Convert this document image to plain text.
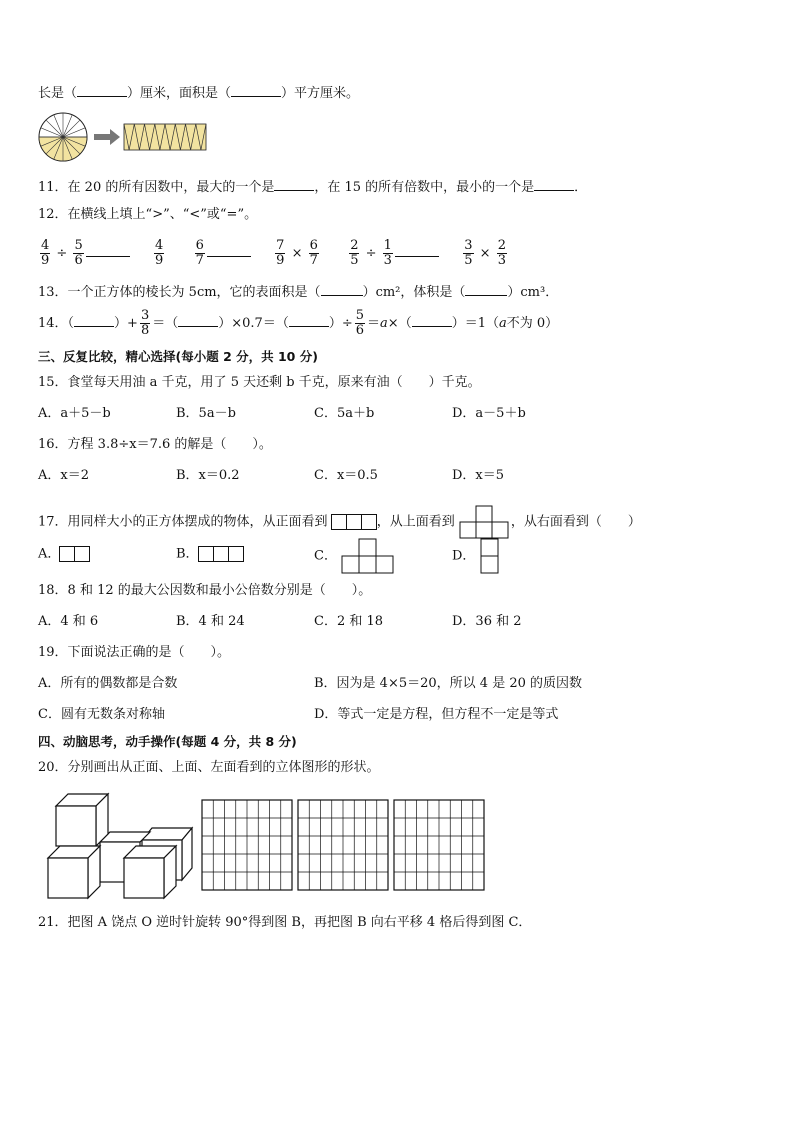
长是（	）厘米，面积是（	）平方厘米。
11．在 20 的所有因数中，最大的一个是	，在 15 的所有倍数中，最小的一个是	．
12．在横线上填上“>”、“<”或“=”。
$\frac{4}{9} \div \frac{5}{6}$
	$\frac{4}{9}$
$\frac{6}{7}$
	$\frac{7}{9} \times \frac{6}{7}$
$\frac{2}{5} \div \frac{1}{3}$
	$\frac{3}{5} \times \frac{2}{3}$
13．一个正方体的棱长为 5cm，它的表面积是（	）cm²，体积是（	）cm³．
14．（	）+ $\frac{3}{8}$ ＝（	）×0.7＝（	）÷ $\frac{5}{6} =a\times$（	）＝1（a不为 0）
三、反复比较，精心选择(每小题 2 分，共 10 分)
15．食堂每天用油 a 千克，用了 5 天还剩 b 千克，原来有油（　　）千克。
A．a＋5－b	B．5a－b	C．5a＋b	D．a－5＋b
16．方程 3.8÷x＝7.6 的解是（　　）。
A．x＝2	B．x＝0.2	C．x＝0.5	D．x＝5
17．用同样大小的正方体摆成的物体，从正面看到	，从上面看到	，从右面看到（　　）
A．	B．	C．	D．
18．8 和 12 的最大公因数和最小公倍数分别是（　　）。
A．4 和 6	B．4 和 24	C．2 和 18	D．36 和 2
19．下面说法正确的是（　　）。
A．所有的偶数都是合数	B．因为是 4×5＝20，所以 4 是 20 的质因数
C．圆有无数条对称轴	D．等式一定是方程，但方程不一定是等式
四、动脑思考，动手操作(每题 4 分，共 8 分)
20．分别画出从正面、上面、左面看到的立体图形的形状。
21．把图 A 饶点 O 逆时针旋转 90°得到图 B，再把图 B 向右平移 4 格后得到图 C．
